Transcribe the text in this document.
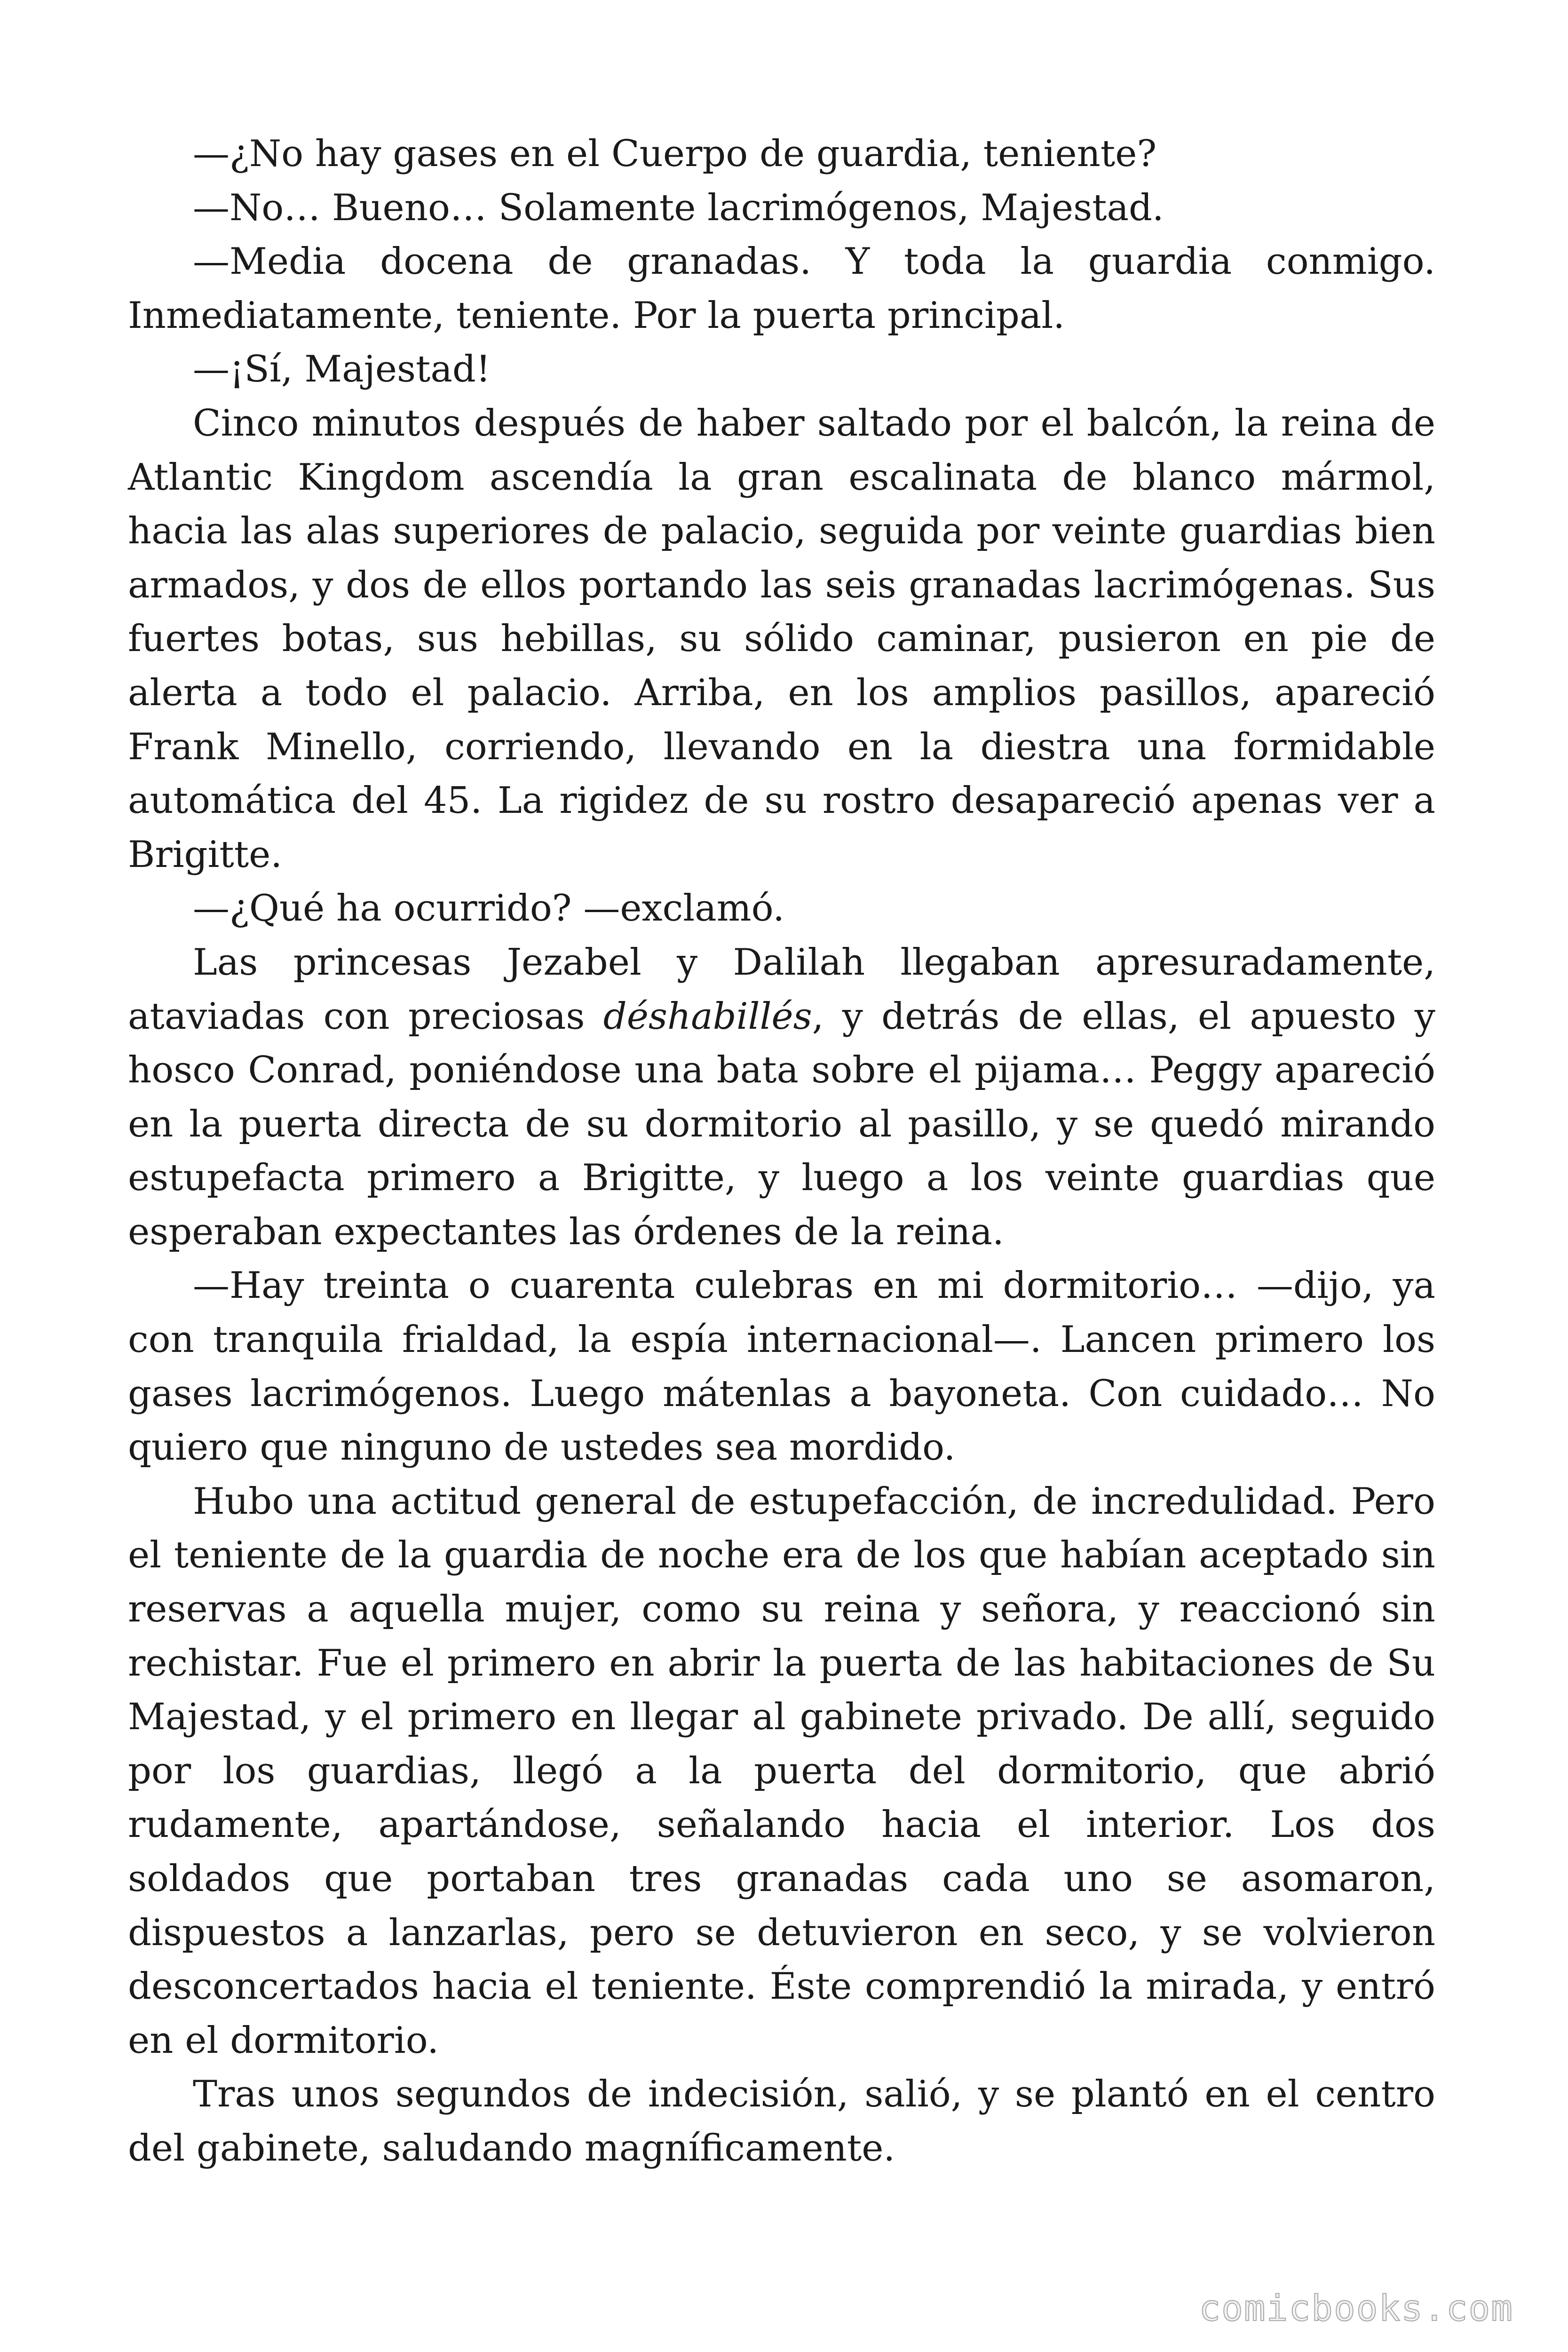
—¿No hay gases en el Cuerpo de guardia, teniente?

—No… Bueno… Solamente lacrimógenos, Majestad.

—Media docena de granadas. Y toda la guardia conmigo. Inmediatamente, teniente. Por la puerta principal.

—¡Sí, Majestad!

Cinco minutos después de haber saltado por el balcón, la reina de Atlantic Kingdom ascendía la gran escalinata de blanco mármol, hacia las alas superiores de palacio, seguida por veinte guardias bien armados, y dos de ellos portando las seis granadas lacrimógenas. Sus fuertes botas, sus hebillas, su sólido caminar, pusieron en pie de alerta a todo el palacio. Arriba, en los amplios pasillos, apareció Frank Minello, corriendo, llevando en la diestra una formidable automática del 45. La rigidez de su rostro desapareció apenas ver a Brigitte.

—¿Qué ha ocurrido? —exclamó.

Las princesas Jezabel y Dalilah llegaban apresuradamente, ataviadas con preciosas déshabillés, y detrás de ellas, el apuesto y hosco Conrad, poniéndose una bata sobre el pijama… Peggy apareció en la puerta directa de su dormitorio al pasillo, y se quedó mirando estupefacta primero a Brigitte, y luego a los veinte guardias que esperaban expectantes las órdenes de la reina.

—Hay treinta o cuarenta culebras en mi dormitorio… —dijo, ya con tranquila frialdad, la espía internacional—. Lancen primero los gases lacrimógenos. Luego mátenlas a bayoneta. Con cuidado… No quiero que ninguno de ustedes sea mordido.

Hubo una actitud general de estupefacción, de incredulidad. Pero el teniente de la guardia de noche era de los que habían aceptado sin reservas a aquella mujer, como su reina y señora, y reaccionó sin rechistar. Fue el primero en abrir la puerta de las habitaciones de Su Majestad, y el primero en llegar al gabinete privado. De allí, seguido por los guardias, llegó a la puerta del dormitorio, que abrió rudamente, apartándose, señalando hacia el interior. Los dos soldados que portaban tres granadas cada uno se asomaron, dispuestos a lanzarlas, pero se detuvieron en seco, y se volvieron desconcertados hacia el teniente. Éste comprendió la mirada, y entró en el dormitorio.

Tras unos segundos de indecisión, salió, y se plantó en el centro del gabinete, saludando magníficamente.

comicbooks.com
